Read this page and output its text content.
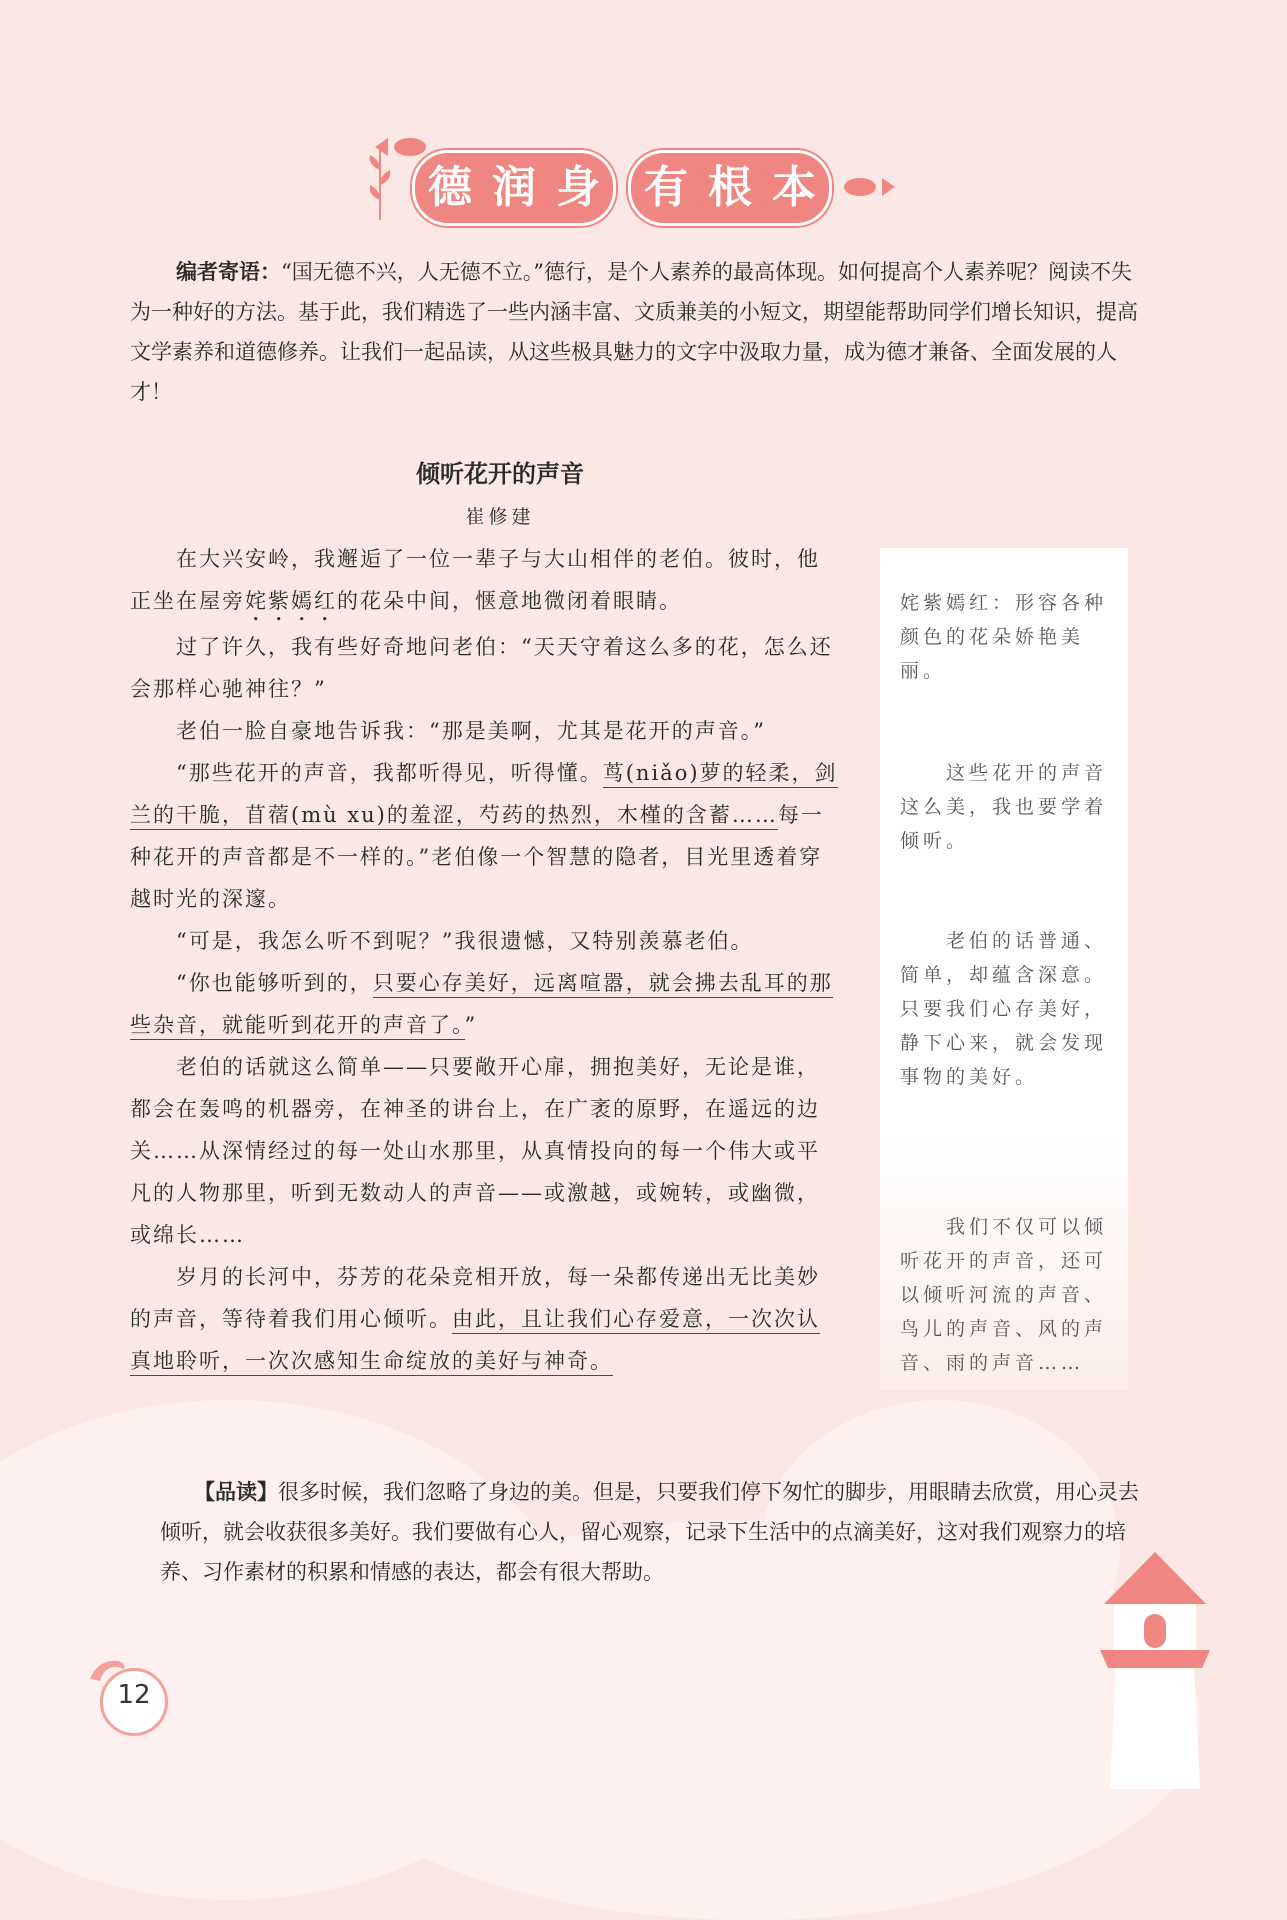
德 润 身 有 根 本

编者寄语：“国无德不兴，人无德不立。”德行，是个人素养的最高体现。如何提高个人素养呢？阅读不失为一种好的方法。基于此，我们精选了一些内涵丰富、文质兼美的小短文，期望能帮助同学们增长知识，提高文学素养和道德修养。让我们一起品读，从这些极具魅力的文字中汲取力量，成为德才兼备、全面发展的人才！

倾听花开的声音
崔修建

在大兴安岭，我邂逅了一位一辈子与大山相伴的老伯。彼时，他正坐在屋旁姹紫嫣红的花朵中间，惬意地微闭着眼睛。

过了许久，我有些好奇地问老伯：“天天守着这么多的花，怎么还会那样心驰神往？”

老伯一脸自豪地告诉我：“那是美啊，尤其是花开的声音。”

“那些花开的声音，我都听得见，听得懂。茑(niǎo)萝的轻柔，剑兰的干脆，苜蓿(mù xu)的羞涩，芍药的热烈，木槿的含蓄……每一种花开的声音都是不一样的。”老伯像一个智慧的隐者，目光里透着穿越时光的深邃。

“可是，我怎么听不到呢？”我很遗憾，又特别羡慕老伯。

“你也能够听到的，只要心存美好，远离喧嚣，就会拂去乱耳的那些杂音，就能听到花开的声音了。”

老伯的话就这么简单——只要敞开心扉，拥抱美好，无论是谁，都会在轰鸣的机器旁，在神圣的讲台上，在广袤的原野，在遥远的边关……从深情经过的每一处山水那里，从真情投向的每一个伟大或平凡的人物那里，听到无数动人的声音——或激越，或婉转，或幽微，或绵长……

岁月的长河中，芬芳的花朵竞相开放，每一朵都传递出无比美妙的声音，等待着我们用心倾听。由此，且让我们心存爱意，一次次认真地聆听，一次次感知生命绽放的美好与神奇。

姹紫嫣红：形容各种颜色的花朵娇艳美丽。

这些花开的声音这么美，我也要学着倾听。

老伯的话普通、简单，却蕴含深意。只要我们心存美好，静下心来，就会发现事物的美好。

我们不仅可以倾听花开的声音，还可以倾听河流的声音、鸟儿的声音、风的声音、雨的声音……

【品读】很多时候，我们忽略了身边的美。但是，只要我们停下匆忙的脚步，用眼睛去欣赏，用心灵去倾听，就会收获很多美好。我们要做有心人，留心观察，记录下生活中的点滴美好，这对我们观察力的培养、习作素材的积累和情感的表达，都会有很大帮助。

12
